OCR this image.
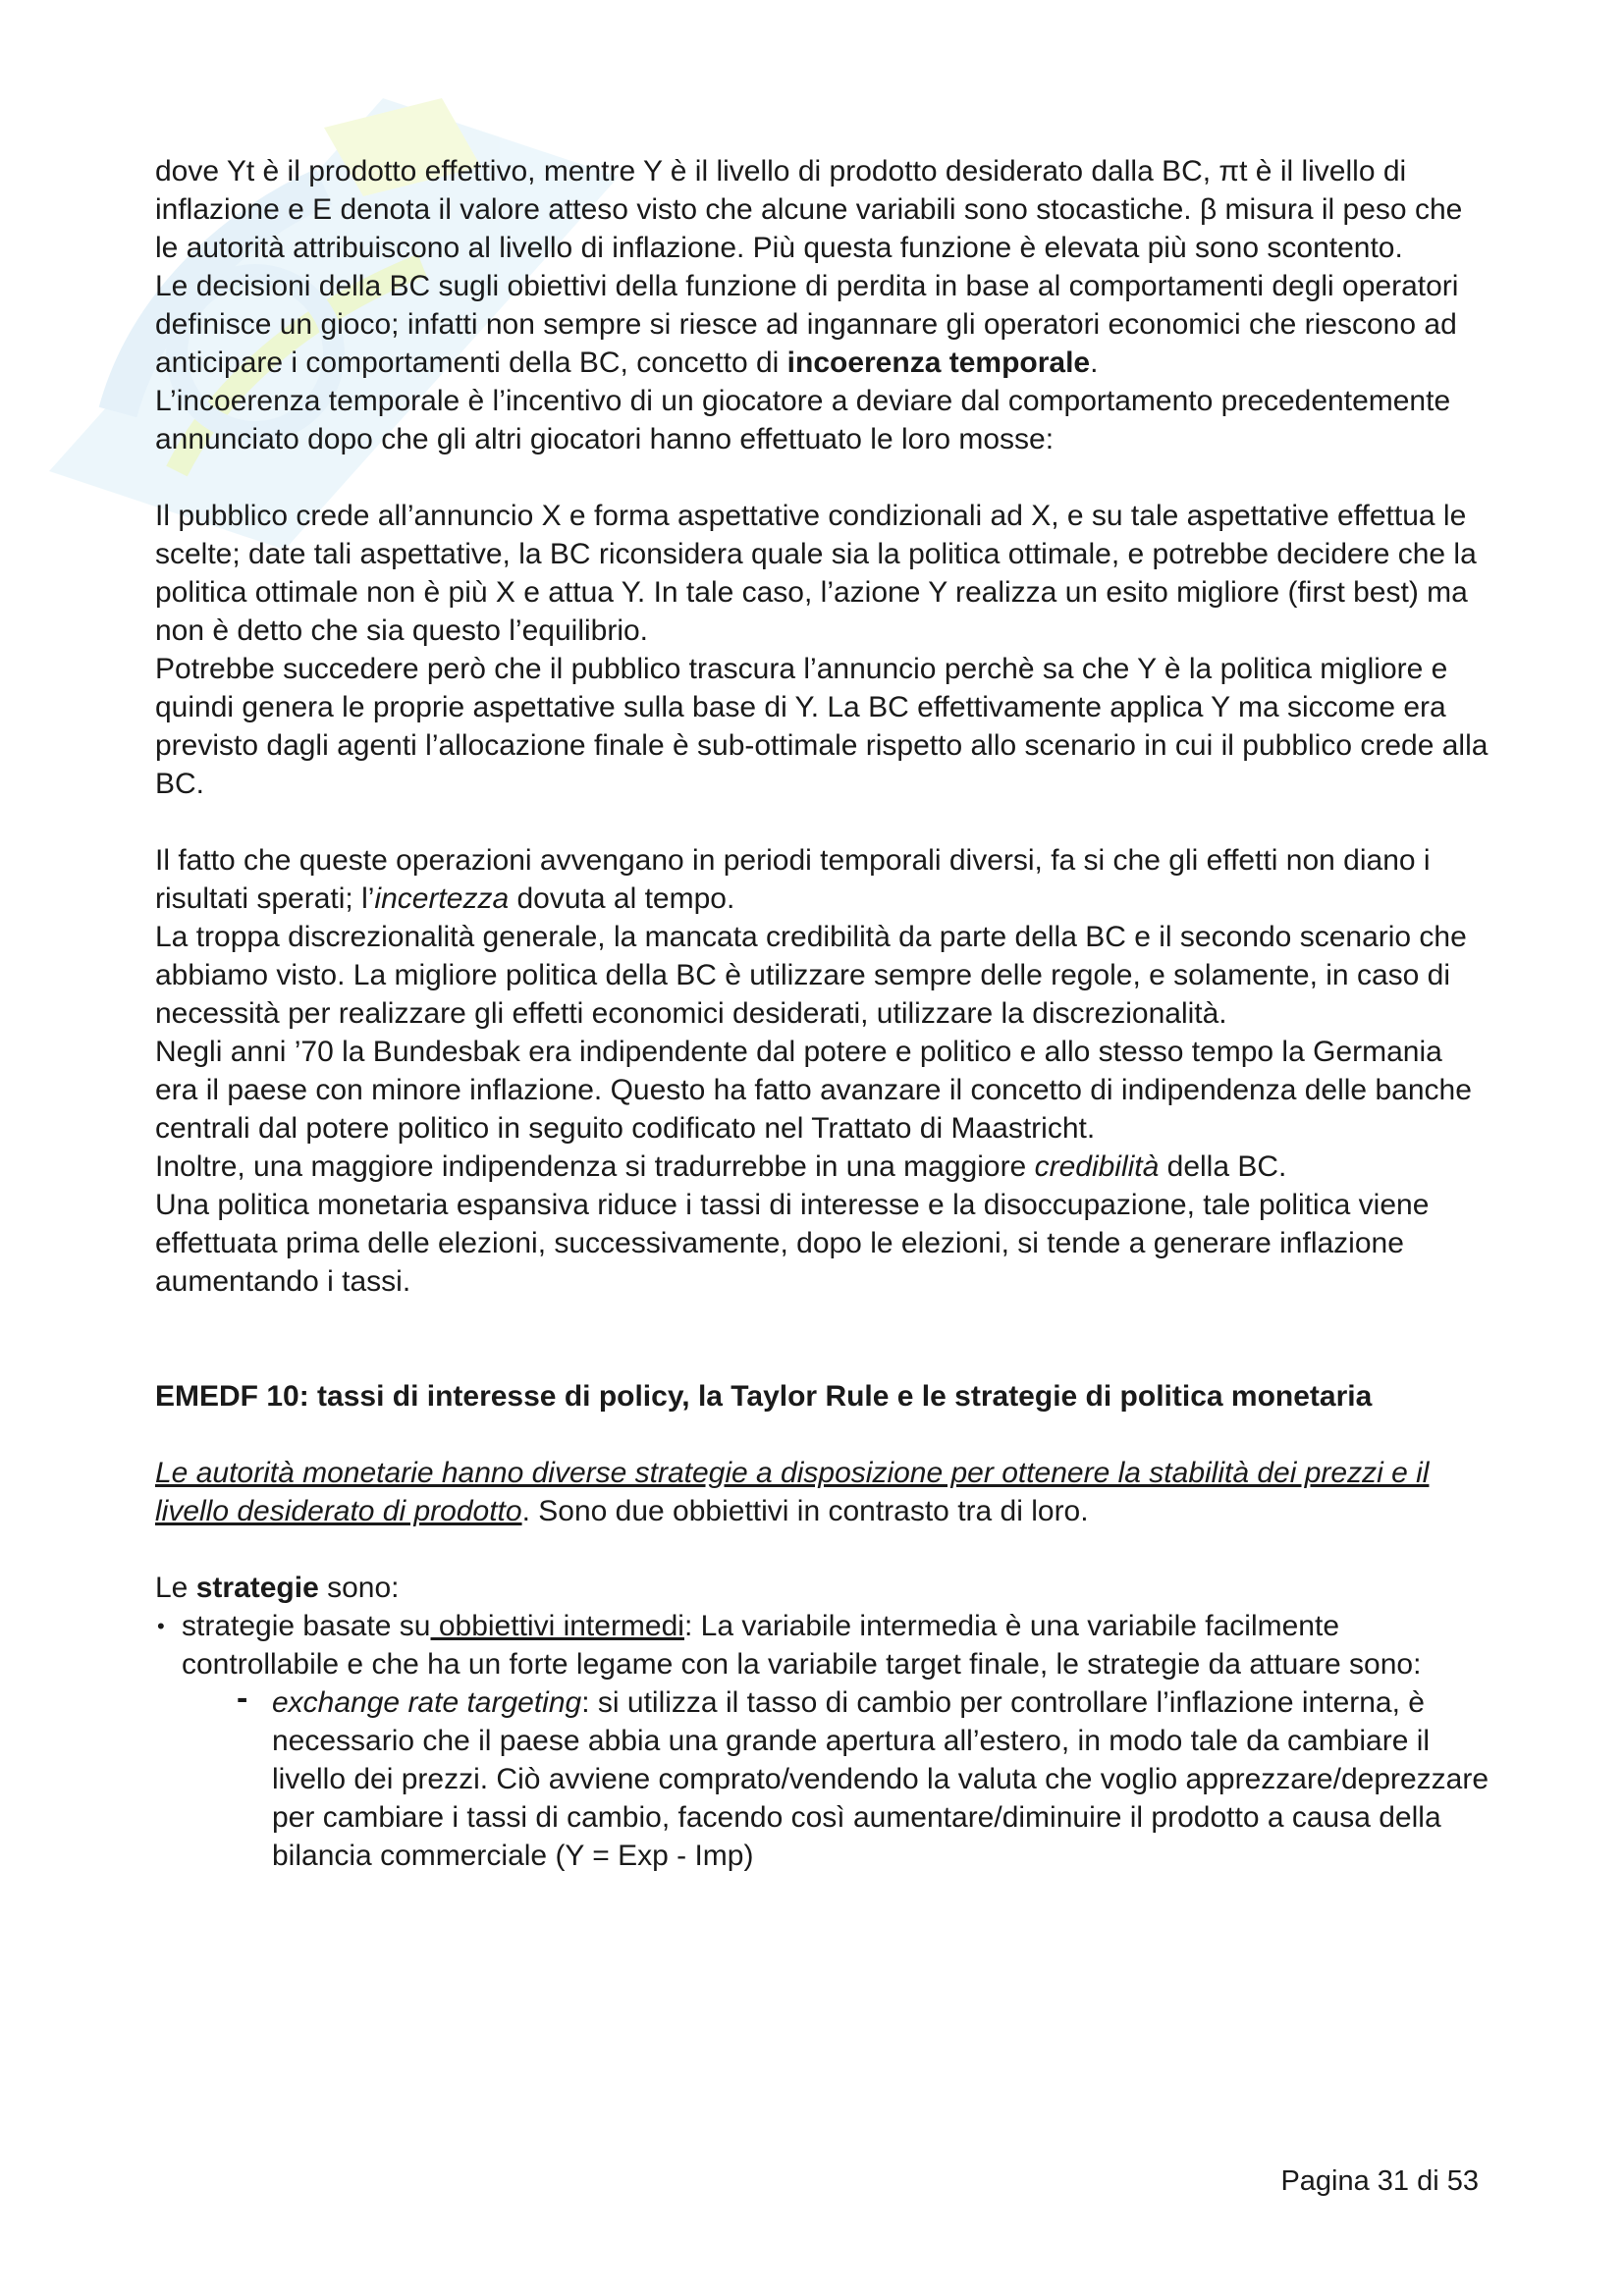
dove Yt è il prodotto effettivo, mentre Y è il livello di prodotto desiderato dalla BC, πt è il livello di inflazione e E denota il valore atteso visto che alcune variabili sono stocastiche. β misura il peso che le autorità attribuiscono al livello di inflazione. Più questa funzione è elevata più sono scontento.

Le decisioni della BC sugli obiettivi della funzione di perdita in base al comportamenti degli operatori definisce un gioco; infatti non sempre si riesce ad ingannare gli operatori economici che riescono ad anticipare i comportamenti della BC, concetto di incoerenza temporale.

L’incoerenza temporale è l’incentivo di un giocatore a deviare dal comportamento precedentemente annunciato dopo che gli altri giocatori hanno effettuato le loro mosse:

Il pubblico crede all’annuncio X e forma aspettative condizionali ad X, e su tale aspettative effettua le scelte; date tali aspettative, la BC riconsidera quale sia la politica ottimale, e potrebbe decidere che la politica ottimale non è più X e attua Y. In tale caso, l’azione Y realizza un esito migliore (first best) ma non è detto che sia questo l’equilibrio.

Potrebbe succedere però che il pubblico trascura l’annuncio perchè sa che Y è la politica migliore e quindi genera le proprie aspettative sulla base di Y. La BC effettivamente applica Y ma siccome era previsto dagli agenti l’allocazione finale è sub-ottimale rispetto allo scenario in cui il pubblico crede alla BC.

Il fatto che queste operazioni avvengano in periodi temporali diversi, fa si che gli effetti non diano i risultati sperati; l’incertezza dovuta al tempo.

La troppa discrezionalità generale, la mancata credibilità da parte della BC e il secondo scenario che abbiamo visto. La migliore politica della BC è utilizzare sempre delle regole, e solamente, in caso di necessità per realizzare gli effetti economici desiderati, utilizzare la discrezionalità.

Negli anni ’70 la Bundesbak era indipendente dal potere e politico e allo stesso tempo la Germania era il paese con minore inflazione. Questo ha fatto avanzare il concetto di indipendenza delle banche centrali dal potere politico in seguito codificato nel Trattato di Maastricht.

Inoltre, una maggiore indipendenza si tradurrebbe in una maggiore credibilità della BC.

Una politica monetaria espansiva riduce i tassi di interesse e la disoccupazione, tale politica viene effettuata prima delle elezioni, successivamente, dopo le elezioni, si tende a generare inflazione aumentando i tassi.

EMEDF 10: tassi di interesse di policy, la Taylor Rule e le strategie di politica monetaria

Le autorità monetarie hanno diverse strategie a disposizione per ottenere la stabilità dei prezzi e il livello desiderato di prodotto. Sono due obbiettivi in contrasto tra di loro.

Le strategie sono:

• strategie basate su obbiettivi intermedi: La variabile intermedia è una variabile facilmente controllabile e che ha un forte legame con la variabile target finale, le strategie da attuare sono:
- exchange rate targeting: si utilizza il tasso di cambio per controllare l’inflazione interna, è necessario che il paese abbia una grande apertura all’estero, in modo tale da cambiare il livello dei prezzi. Ciò avviene comprato/vendendo la valuta che voglio apprezzare/deprezzare per cambiare i tassi di cambio, facendo così aumentare/diminuire il prodotto a causa della bilancia commerciale (Y = Exp - Imp)
Pagina 31 di 53
